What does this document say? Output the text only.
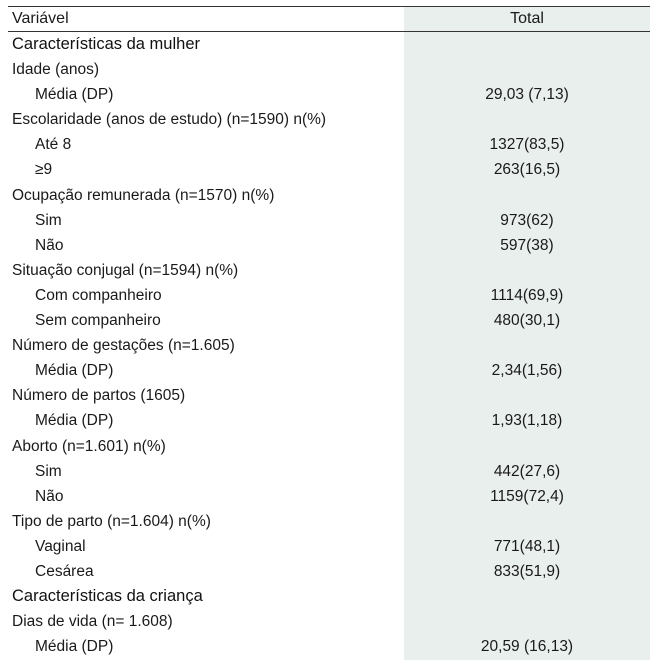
Variável	Total
Características da mulher
Idade (anos)
Média (DP)	29,03 (7,13)
Escolaridade (anos de estudo) (n=1590) n(%)
Até 8	1327(83,5)
≥9	263(16,5)
Ocupação remunerada (n=1570) n(%)
Sim	973(62)
Não	597(38)
Situação conjugal (n=1594) n(%)
Com companheiro	1114(69,9)
Sem companheiro	480(30,1)
Número de gestações (n=1.605)
Média (DP)	2,34(1,56)
Número de partos (1605)
Média (DP)	1,93(1,18)
Aborto (n=1.601) n(%)
Sim	442(27,6)
Não	1159(72,4)
Tipo de parto (n=1.604) n(%)
Vaginal	771(48,1)
Cesárea	833(51,9)
Características da criança
Dias de vida (n= 1.608)
Média (DP)	20,59 (16,13)
